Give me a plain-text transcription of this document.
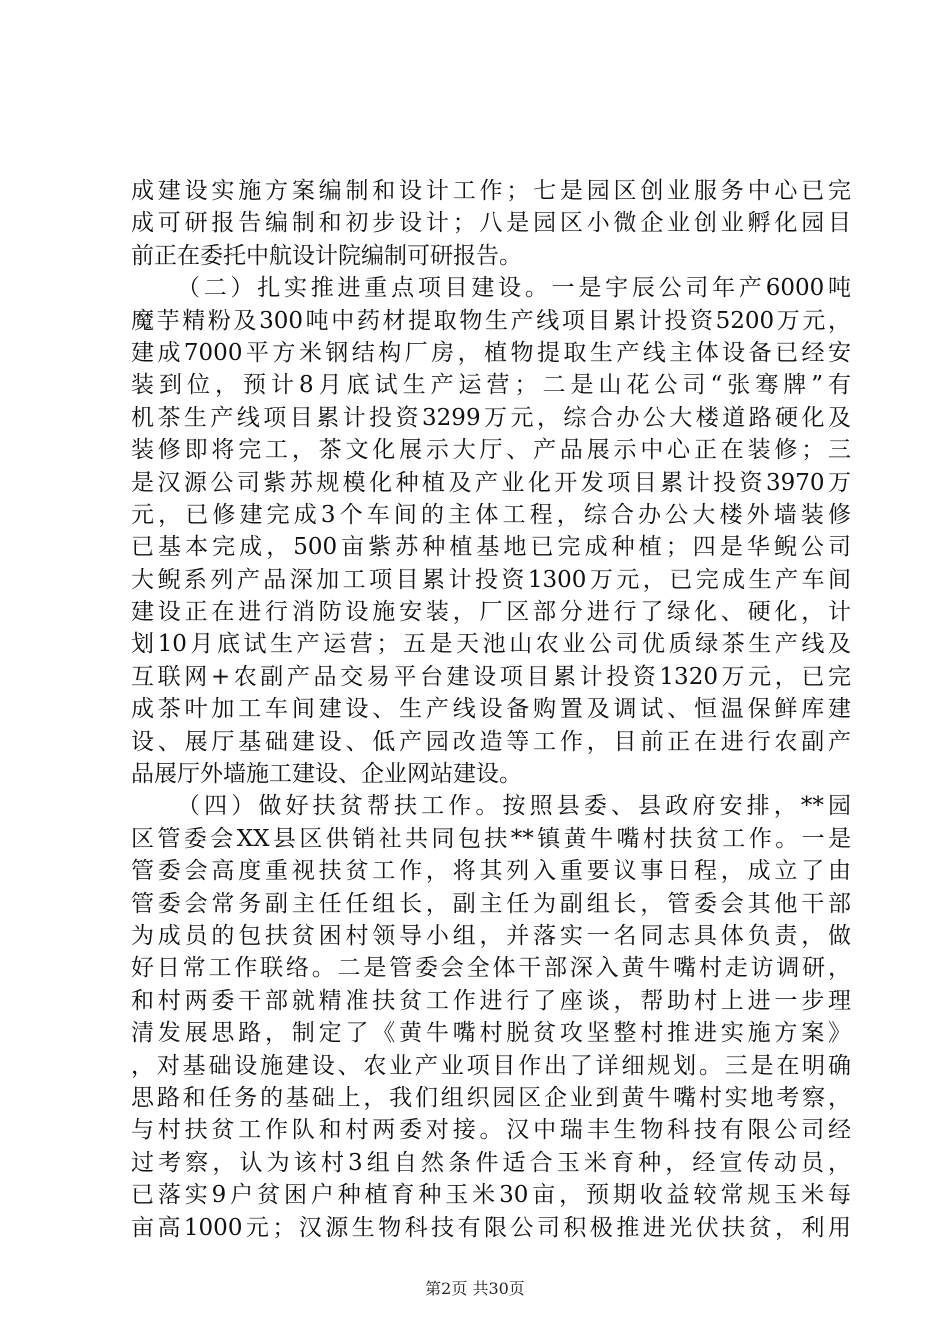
成建设实施方案编制和设计工作；七是园区创业服务中心已完
成可研报告编制和初步设计；八是园区小微企业创业孵化园目
前正在委托中航设计院编制可研报告。
（二）扎实推进重点项目建设。一是宇辰公司年产6000吨
魔芋精粉及300吨中药材提取物生产线项目累计投资5200万元，
建成7000平方米钢结构厂房，植物提取生产线主体设备已经安
装到位，预计8月底试生产运营；二是山花公司“张骞牌”有
机茶生产线项目累计投资3299万元，综合办公大楼道路硬化及
装修即将完工，茶文化展示大厅、产品展示中心正在装修；三
是汉源公司紫苏规模化种植及产业化开发项目累计投资3970万
元，已修建完成3个车间的主体工程，综合办公大楼外墙装修
已基本完成，500亩紫苏种植基地已完成种植；四是华鲵公司
大鲵系列产品深加工项目累计投资1300万元，已完成生产车间
建设正在进行消防设施安装，厂区部分进行了绿化、硬化，计
划10月底试生产运营；五是天池山农业公司优质绿茶生产线及
互联网+农副产品交易平台建设项目累计投资1320万元，已完
成茶叶加工车间建设、生产线设备购置及调试、恒温保鲜库建
设、展厅基础建设、低产园改造等工作，目前正在进行农副产
品展厅外墙施工建设、企业网站建设。
（四）做好扶贫帮扶工作。按照县委、县政府安排，**园
区管委会XX县区供销社共同包扶**镇黄牛嘴村扶贫工作。一是
管委会高度重视扶贫工作，将其列入重要议事日程，成立了由
管委会常务副主任任组长，副主任为副组长，管委会其他干部
为成员的包扶贫困村领导小组，并落实一名同志具体负责，做
好日常工作联络。二是管委会全体干部深入黄牛嘴村走访调研，
和村两委干部就精准扶贫工作进行了座谈，帮助村上进一步理
清发展思路，制定了《黄牛嘴村脱贫攻坚整村推进实施方案》
，对基础设施建设、农业产业项目作出了详细规划。三是在明确
思路和任务的基础上，我们组织园区企业到黄牛嘴村实地考察，
与村扶贫工作队和村两委对接。汉中瑞丰生物科技有限公司经
过考察，认为该村3组自然条件适合玉米育种，经宣传动员，
已落实9户贫困户种植育种玉米30亩，预期收益较常规玉米每
亩高1000元；汉源生物科技有限公司积极推进光伏扶贫，利用
第2页 共30页
